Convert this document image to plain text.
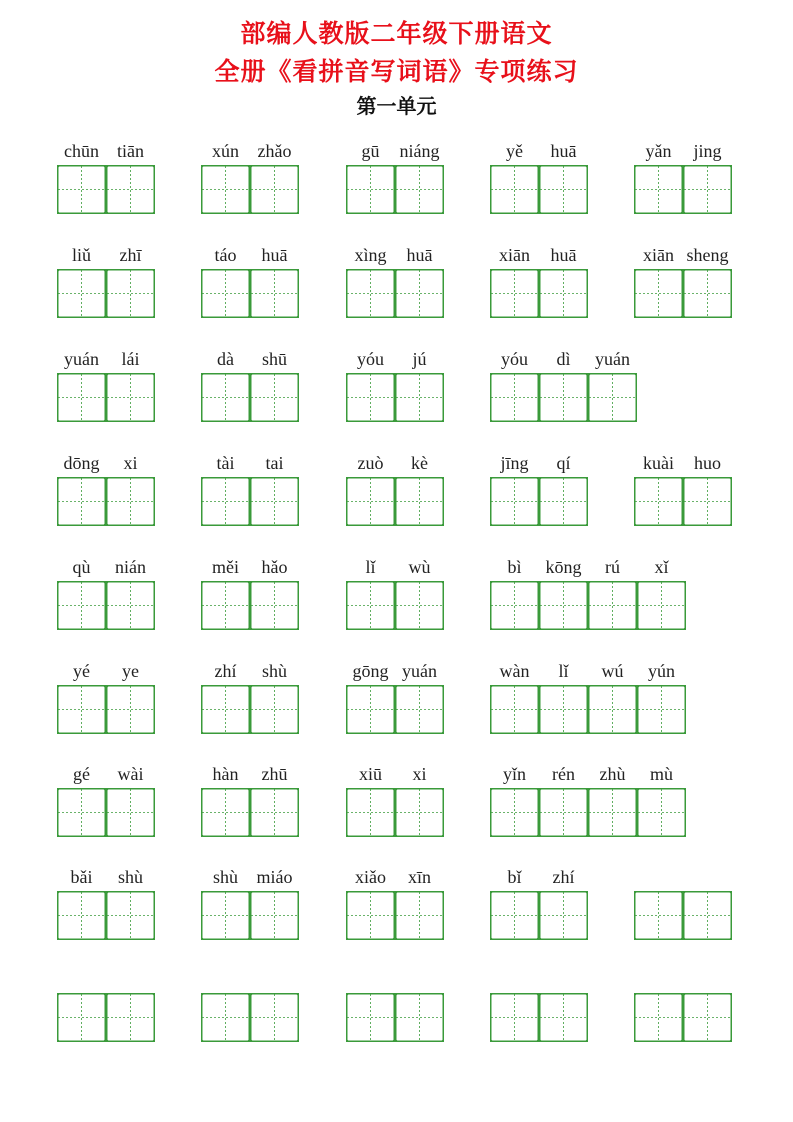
部编人教版二年级下册语文
全册《看拼音写词语》专项练习
第一单元
chūn	tiān	xún	zhǎo	gū	niáng	yě	huā	yǎn	jing
liǔ	zhī	táo	huā	xìng	huā	xiān	huā	xiān sheng
yuán	lái	dà	shū	yóu	jú	yóu	dì	yuán
dōng	xi	tài	tai	zuò	kè	jīng	qí	kuài	huo
qù	nián	měi	hǎo	lǐ	wù	bì	kōng	rú	xǐ
yé	ye	zhí	shù	gōng yuán	wàn	lǐ	wú	yún
gé	wài	hàn	zhū	xiū	xi	yǐn	rén	zhù	mù
bǎi	shù	shù	miáo	xiǎo	xīn	bǐ	zhí
